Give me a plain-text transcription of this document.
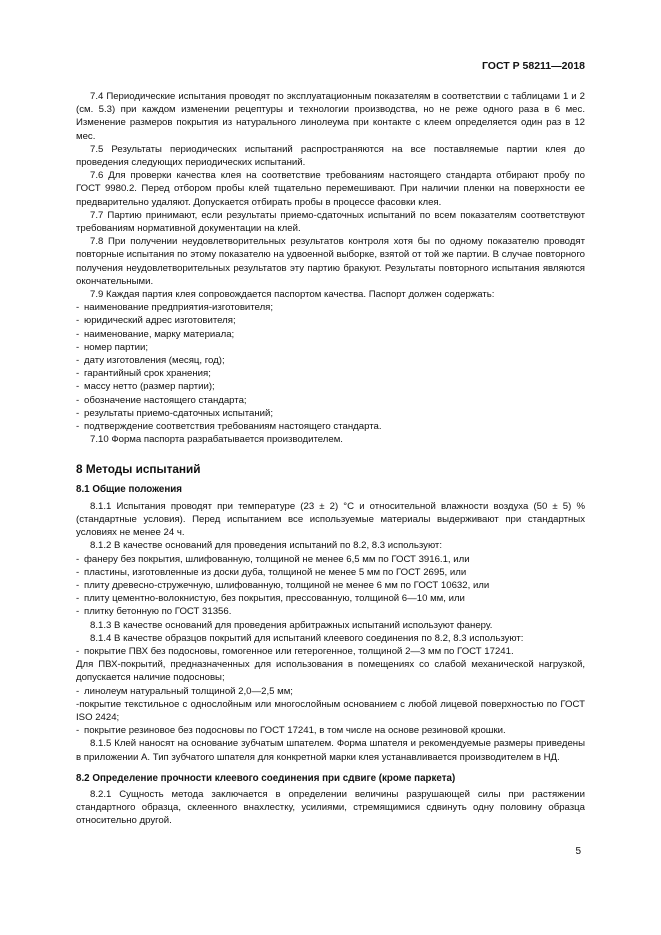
ГОСТ Р 58211—2018

7.4 Периодические испытания проводят по эксплуатационным показателям в соответствии с таблицами 1 и 2 (см. 5.3) при каждом изменении рецептуры и технологии производства, но не реже одного раза в 6 мес. Изменение размеров покрытия из натурального линолеума при контакте с клеем определяется один раз в 12 мес.

7.5 Результаты периодических испытаний распространяются на все поставляемые партии клея до проведения следующих периодических испытаний.

7.6 Для проверки качества клея на соответствие требованиям настоящего стандарта отбирают пробу по ГОСТ 9980.2. Перед отбором пробы клей тщательно перемешивают. При наличии пленки на поверхности ее предварительно удаляют. Допускается отбирать пробы в процессе фасовки клея.

7.7 Партию принимают, если результаты приемо-сдаточных испытаний по всем показателям соответствуют требованиям нормативной документации на клей.

7.8 При получении неудовлетворительных результатов контроля хотя бы по одному показателю проводят повторные испытания по этому показателю на удвоенной выборке, взятой от той же партии. В случае повторного получения неудовлетворительных результатов эту партию бракуют. Результаты повторного испытания являются окончательными.

7.9 Каждая партия клея сопровождается паспортом качества. Паспорт должен содержать:

- наименование предприятия-изготовителя;

- юридический адрес изготовителя;

- наименование, марку материала;

- номер партии;

- дату изготовления (месяц, год);

- гарантийный срок хранения;

- массу нетто (размер партии);

- обозначение настоящего стандарта;

- результаты приемо-сдаточных испытаний;

- подтверждение соответствия требованиям настоящего стандарта.

7.10 Форма паспорта разрабатывается производителем.

8 Методы испытаний
8.1 Общие положения

8.1.1 Испытания проводят при температуре (23 ± 2) °С и относительной влажности воздуха (50 ± 5) % (стандартные условия). Перед испытанием все используемые материалы выдерживают при стандартных условиях не менее 24 ч.

8.1.2 В качестве оснований для проведения испытаний по 8.2, 8.3 используют:

- фанеру без покрытия, шлифованную, толщиной не менее 6,5 мм по ГОСТ 3916.1, или

- пластины, изготовленные из доски дуба, толщиной не менее 5 мм по ГОСТ 2695, или

- плиту древесно-стружечную, шлифованную, толщиной не менее 6 мм по ГОСТ 10632, или

- плиту цементно-волокнистую, без покрытия, прессованную, толщиной 6—10 мм, или

- плитку бетонную по ГОСТ 31356.

8.1.3 В качестве оснований для проведения арбитражных испытаний используют фанеру.

8.1.4 В качестве образцов покрытий для испытаний клеевого соединения по 8.2, 8.3 используют:

- покрытие ПВХ без подосновы, гомогенное или гетерогенное, толщиной 2—3 мм по ГОСТ 17241.

Для ПВХ-покрытий, предназначенных для использования в помещениях со слабой механической нагрузкой, допускается наличие подосновы;

- линолеум натуральный толщиной 2,0—2,5 мм;

-покрытие текстильное с однослойным или многослойным основанием с любой лицевой поверхностью по ГОСТ ISO 2424;

- покрытие резиновое без подосновы по ГОСТ 17241, в том числе на основе резиновой крошки.

8.1.5 Клей наносят на основание зубчатым шпателем. Форма шпателя и рекомендуемые размеры приведены в приложении А. Тип зубчатого шпателя для конкретной марки клея устанавливается производителем в НД.

8.2 Определение прочности клеевого соединения при сдвиге (кроме паркета)

8.2.1 Сущность метода заключается в определении величины разрушающей силы при растяжении стандартного образца, склеенного внахлестку, усилиями, стремящимися сдвинуть одну половину образца относительно другой.

5
